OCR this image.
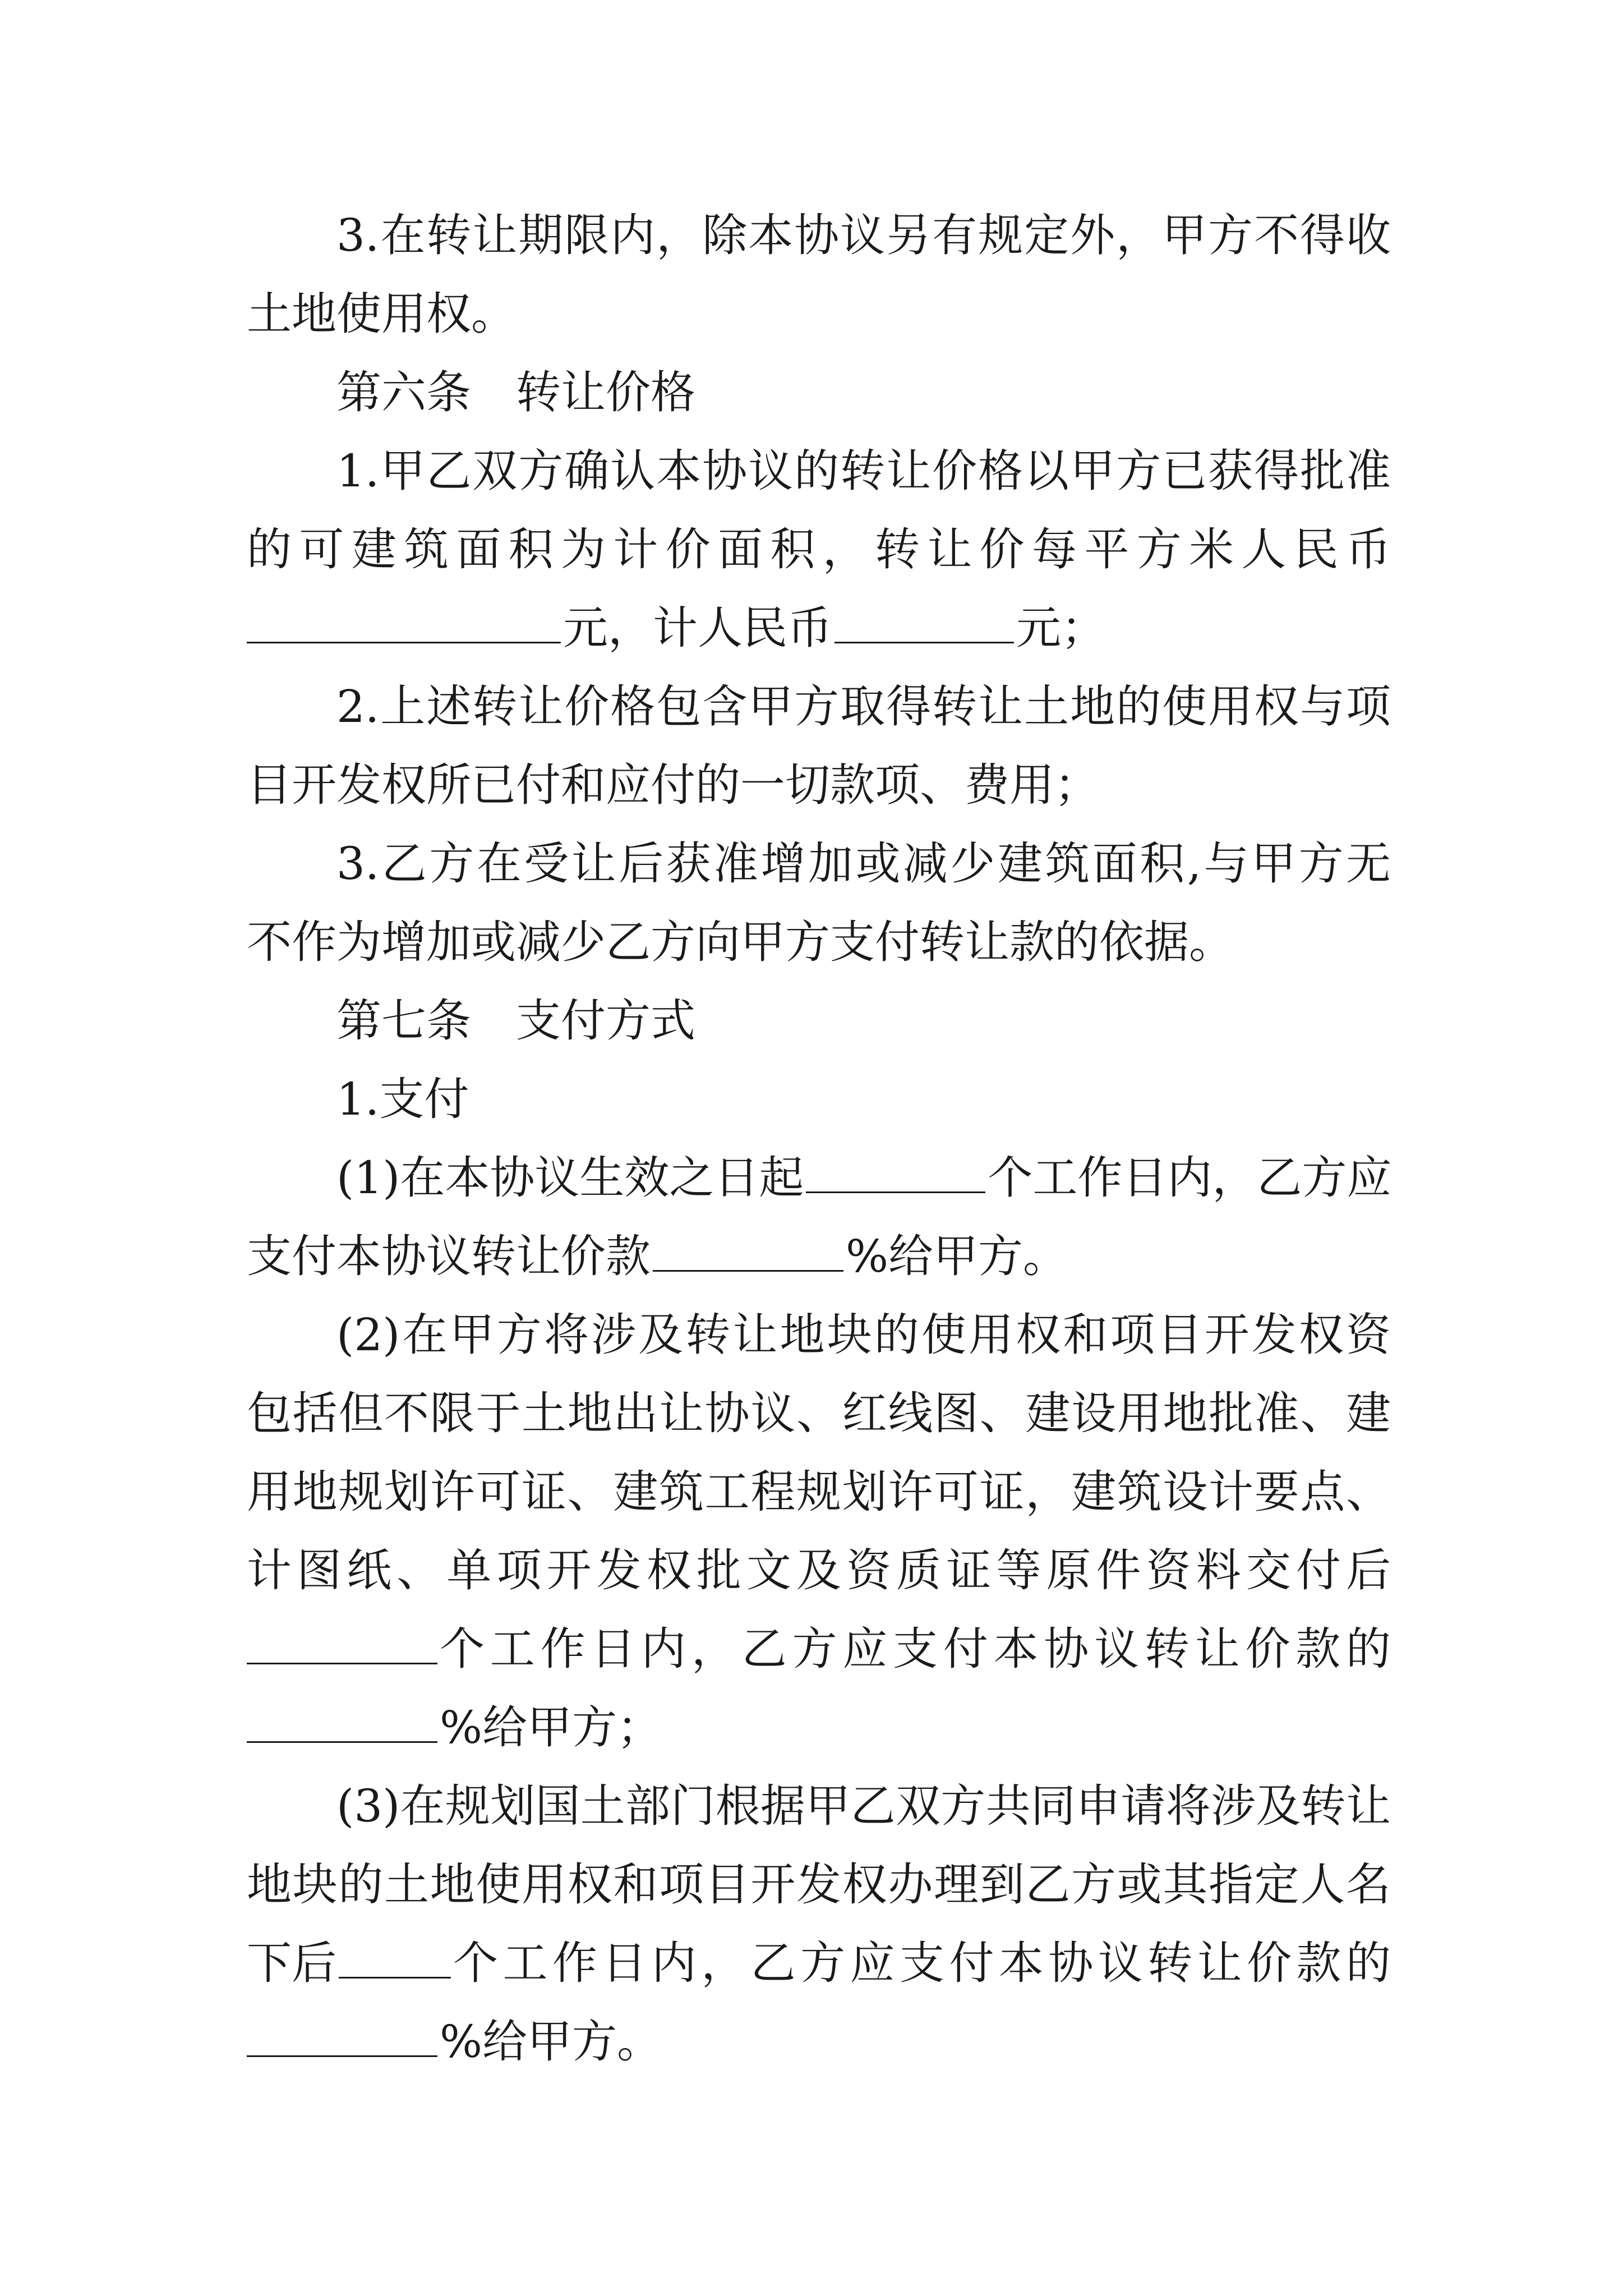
3.在转让期限内，除本协议另有规定外，甲方不得收
土地使用权。
第六条 转让价格
1.甲乙双方确认本协议的转让价格以甲方已获得批准
的可建筑面积为计价面积，转让价每平方米人民币
元，计人民币	元；
2.上述转让价格包含甲方取得转让土地的使用权与项
目开发权所已付和应付的一切款项、费用；
3.乙方在受让后获准增加或减少建筑面积,与甲方无
不作为增加或减少乙方向甲方支付转让款的依据。
第七条 支付方式
1.支付
(1)在本协议生效之日起	个工作日内，乙方应
支付本协议转让价款	%给甲方。
(2)在甲方将涉及转让地块的使用权和项目开发权资
包括但不限于土地出让协议、红线图、建设用地批准、建
用地规划许可证、建筑工程规划许可证，建筑设计要点、
计图纸、单项开发权批文及资质证等原件资料交付后
个工作日内，乙方应支付本协议转让价款的
%给甲方；
(3)在规划国土部门根据甲乙双方共同申请将涉及转让
地块的土地使用权和项目开发权办理到乙方或其指定人名
下后	个工作日内，乙方应支付本协议转让价款的
%给甲方。
